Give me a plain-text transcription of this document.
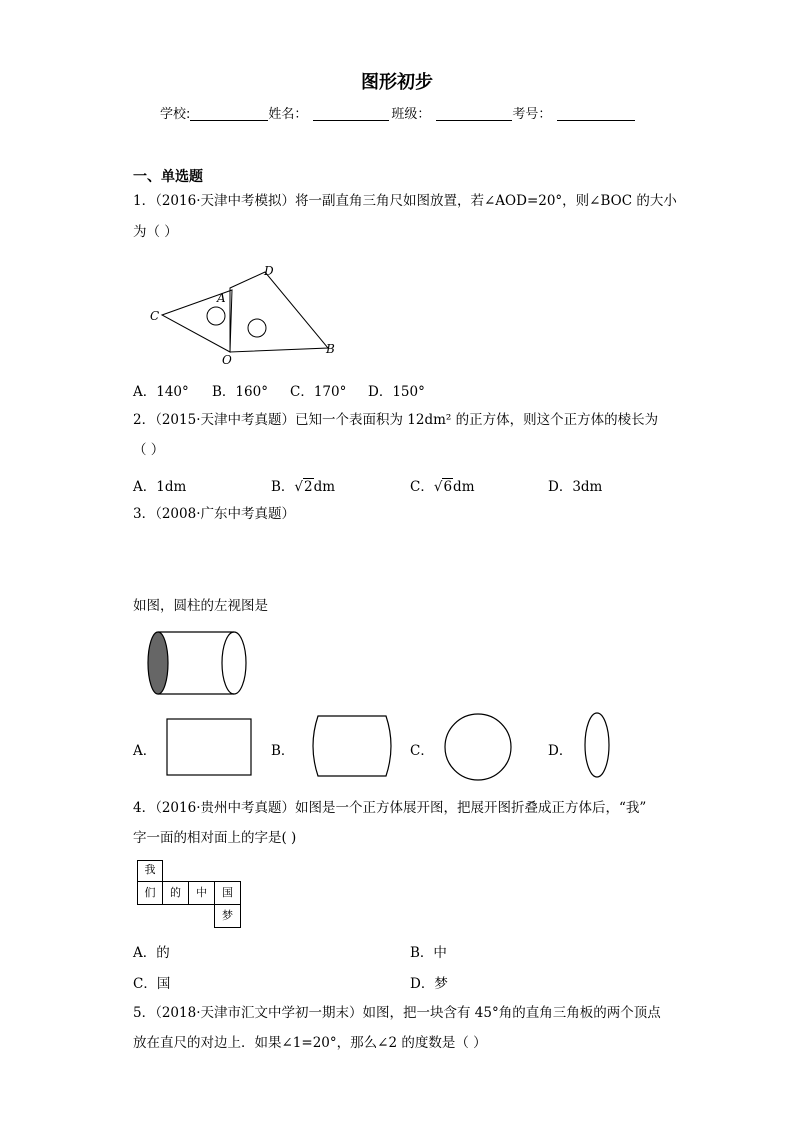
图形初步
学校:	姓名：	班级：	考号：
一、单选题
1．（2016·天津中考模拟）将一副直角三角尺如图放置，若∠AOD=20°，则∠BOC 的大小
为（ ）
C
A
D
O
B
A．140° B．160° C．170° D．150°
2．（2015·天津中考真题）已知一个表面积为 12dm² 的正方体，则这个正方体的棱长为
（ ）
A．1dm	B．√2dm	C．√6dm	D．3dm
3．（2008·广东中考真题）
如图，圆柱的左视图是
A．	B．	C．	D．
4．（2016·贵州中考真题）如图是一个正方体展开图，把展开图折叠成正方体后，“我”
字一面的相对面上的字是( )
我
们	的	中	国
梦
A．的	B．中
C．国	D．梦
5．（2018·天津市汇文中学初一期末）如图，把一块含有 45°角的直角三角板的两个顶点
放在直尺的对边上．如果∠1=20°，那么∠2 的度数是（ ）
